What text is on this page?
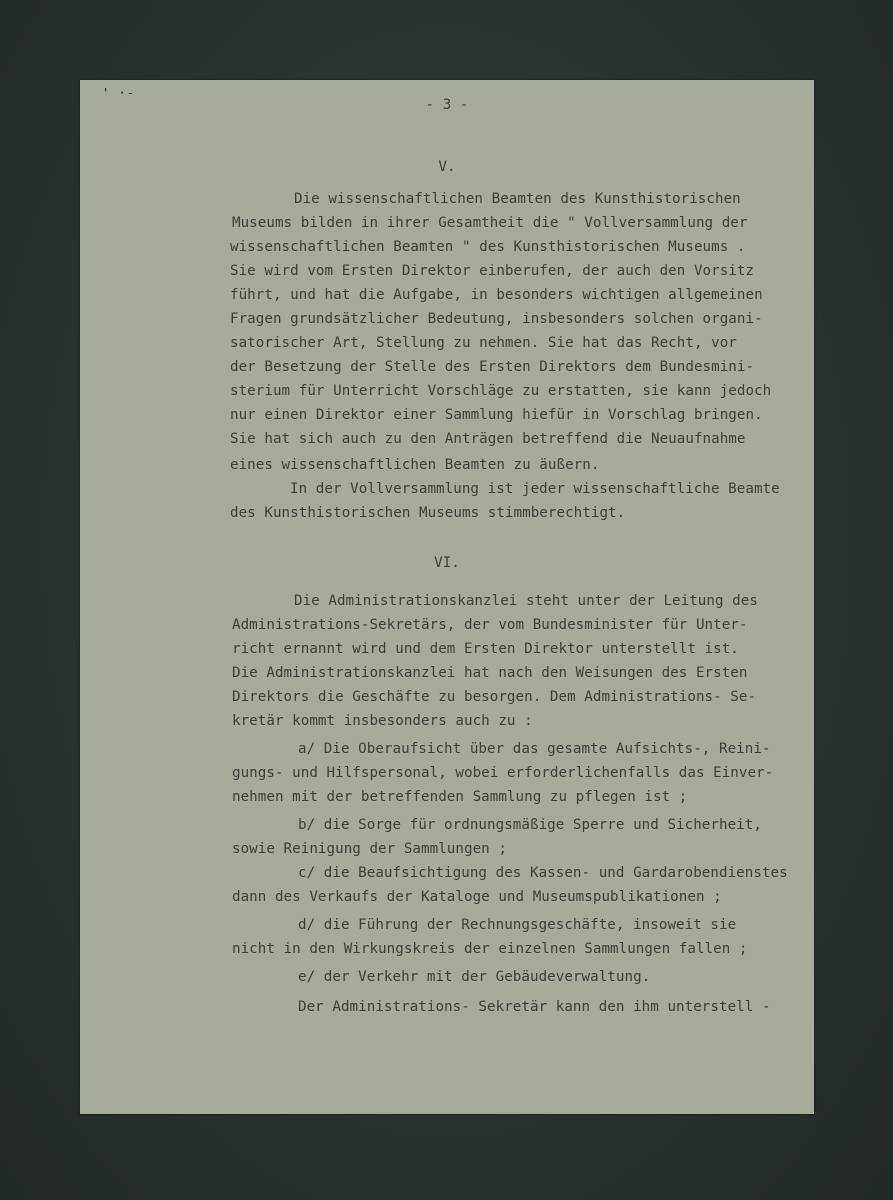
' ·-
- 3 -
V.
Die wissenschaftlichen Beamten des Kunsthistorischen
Museums bilden in ihrer Gesamtheit die " Vollversammlung der
wissenschaftlichen Beamten " des Kunsthistorischen Museums .
Sie wird vom Ersten Direktor einberufen, der auch den Vorsitz
führt, und hat die Aufgabe, in besonders wichtigen allgemeinen
Fragen grundsätzlicher Bedeutung, insbesonders solchen organi-
satorischer Art, Stellung zu nehmen. Sie hat das Recht, vor
der Besetzung der Stelle des Ersten Direktors dem Bundesmini-
sterium für Unterricht Vorschläge zu erstatten, sie kann jedoch
nur einen Direktor einer Sammlung hiefür in Vorschlag bringen.
Sie hat sich auch zu den Anträgen betreffend die Neuaufnahme
eines wissenschaftlichen Beamten zu äußern.
In der Vollversammlung ist jeder wissenschaftliche Beamte
des Kunsthistorischen Museums stimmberechtigt.
VI.
Die Administrationskanzlei steht unter der Leitung des
Administrations-Sekretärs, der vom Bundesminister für Unter-
richt ernannt wird und dem Ersten Direktor unterstellt ist.
Die Administrationskanzlei hat nach den Weisungen des Ersten
Direktors die Geschäfte zu besorgen. Dem Administrations- Se-
kretär kommt insbesonders auch zu :
a/ Die Oberaufsicht über das gesamte Aufsichts-, Reini-
gungs- und Hilfspersonal, wobei erforderlichenfalls das Einver-
nehmen mit der betreffenden Sammlung zu pflegen ist ;
b/ die Sorge für ordnungsmäßige Sperre und Sicherheit,
sowie Reinigung der Sammlungen ;
c/ die Beaufsichtigung des Kassen- und Gardarobendienstes
dann des Verkaufs der Kataloge und Museumspublikationen ;
d/ die Führung der Rechnungsgeschäfte, insoweit sie
nicht in den Wirkungskreis der einzelnen Sammlungen fallen ;
e/ der Verkehr mit der Gebäudeverwaltung.
Der Administrations- Sekretär kann den ihm unterstell -
